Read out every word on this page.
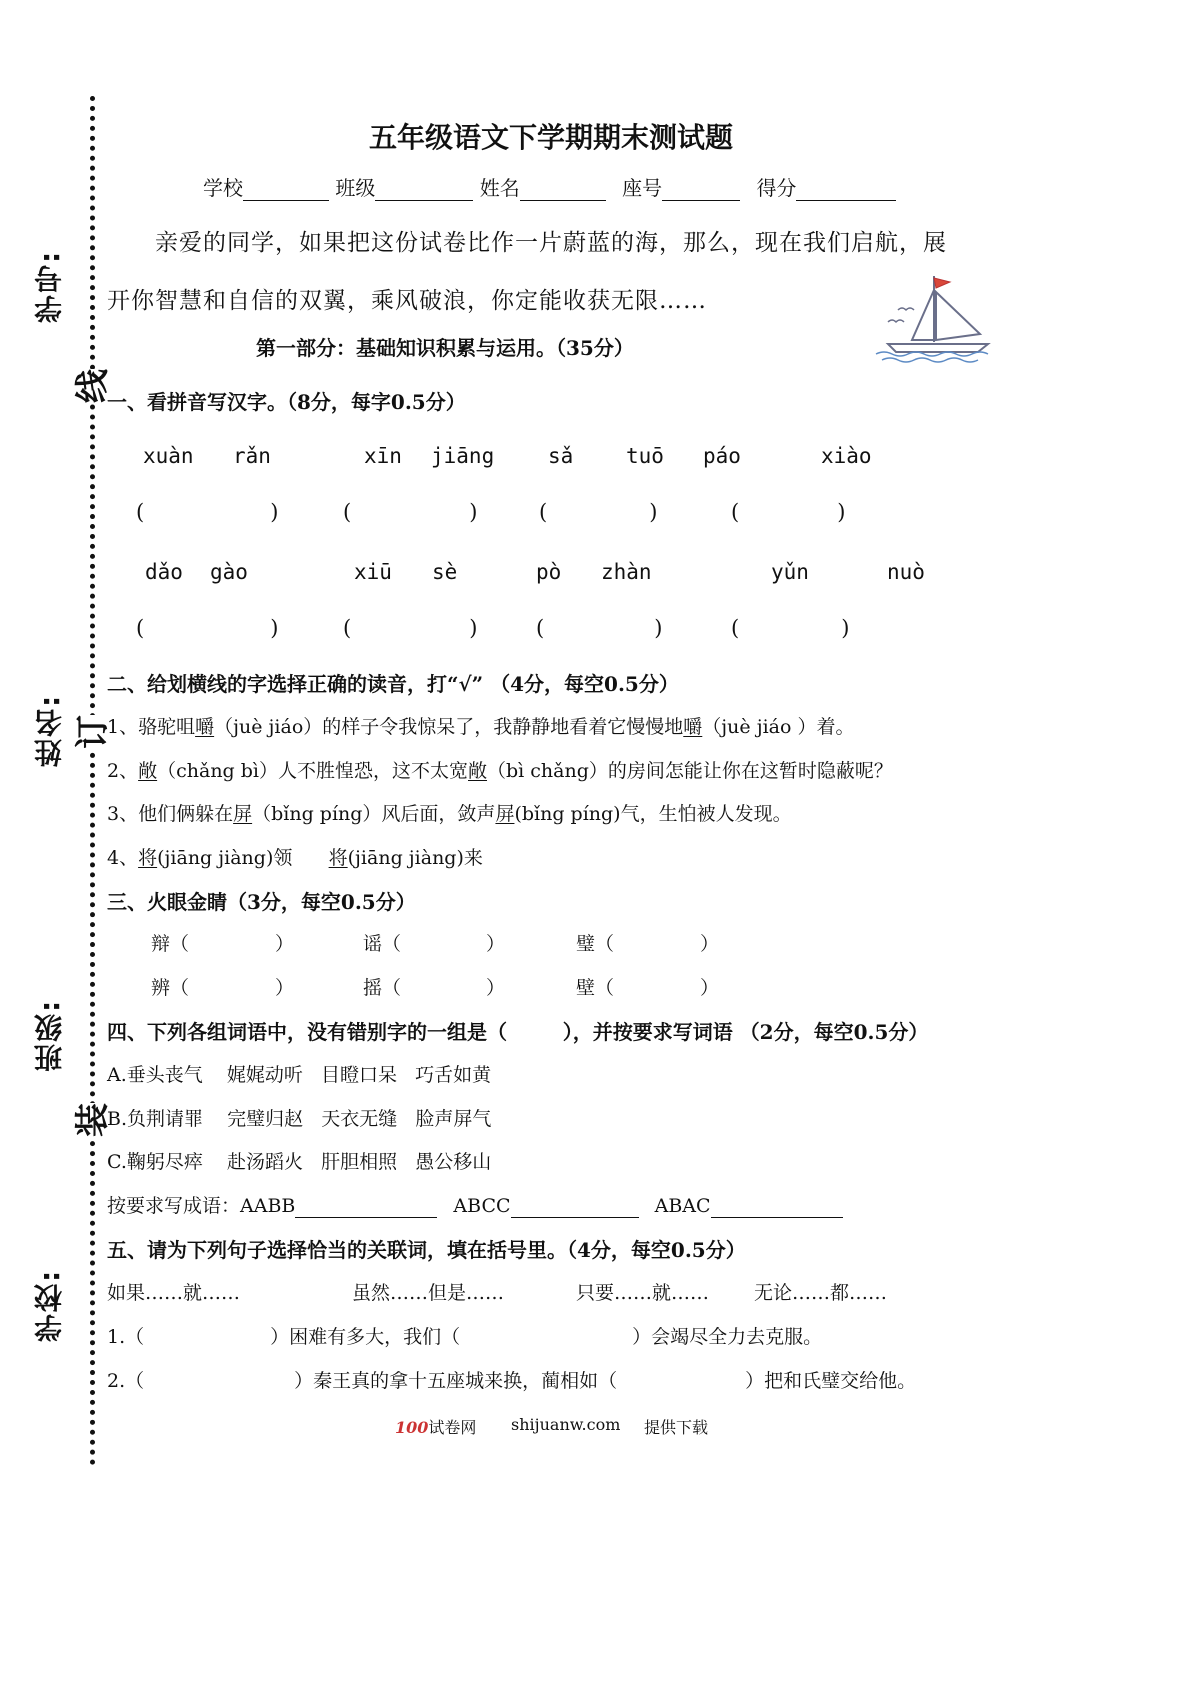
学号:
姓名:
班级:
学校:
线
订
装
五年级语文下学期期末测试题
学校	班级	姓名	座号	得分
亲爱的同学，如果把这份试卷比作一片蔚蓝的海，那么，现在我们启航，展
开你智慧和自信的双翼，乘风破浪，你定能收获无限……
第一部分：基础知识积累与运用。（35分）
一、看拼音写汉字。（8分，每字0.5分）
xuàn rǎn	xīn jiāng	sǎ	tuō páo	xiào
(	)	(	)	(	)	(	)
dǎo gào	xiū sè	pò zhàn	yǔn	nuò
(	)	(	)	(	)	(	)
二、给划横线的字选择正确的读音，打“√” （4分，每空0.5分）
1、骆驼咀嚼（juè jiáo）的样子令我惊呆了，我静静地看着它慢慢地嚼（juè jiáo ）着。
2、敞（chǎng bì）人不胜惶恐，这不太宽敞（bì chǎng）的房间怎能让你在这暂时隐蔽呢？
3、他们俩躲在屏（bǐng píng）风后面，敛声屏(bǐng píng)气，生怕被人发现。
4、将(jiāng jiàng)领      将(jiāng jiàng)来
三、火眼金睛（3分，每空0.5分）
辩（	）	谣（	）	璧（	）
辨（	）	摇（	）	壁（	）
四、下列各组词语中，没有错别字的一组是（        ），并按要求写词语 （2分，每空0.5分）
A.垂头丧气    娓娓动听   目瞪口呆   巧舌如黄
B.负荆请罪    完璧归赵   天衣无缝   脸声屏气
C.鞠躬尽瘁    赴汤蹈火   肝胆相照   愚公移山
按要求写成语：AABB	ABCC	ABAC
五、请为下列句子选择恰当的关联词，填在括号里。（4分，每空0.5分）
如果……就……	虽然……但是……	只要……就…… 无论……都……
1.（	）困难有多大，我们（	）会竭尽全力去克服。
2.（	）秦王真的拿十五座城来换，蔺相如（	）把和氏璧交给他。
100试卷网 shijuanw.com 提供下载
